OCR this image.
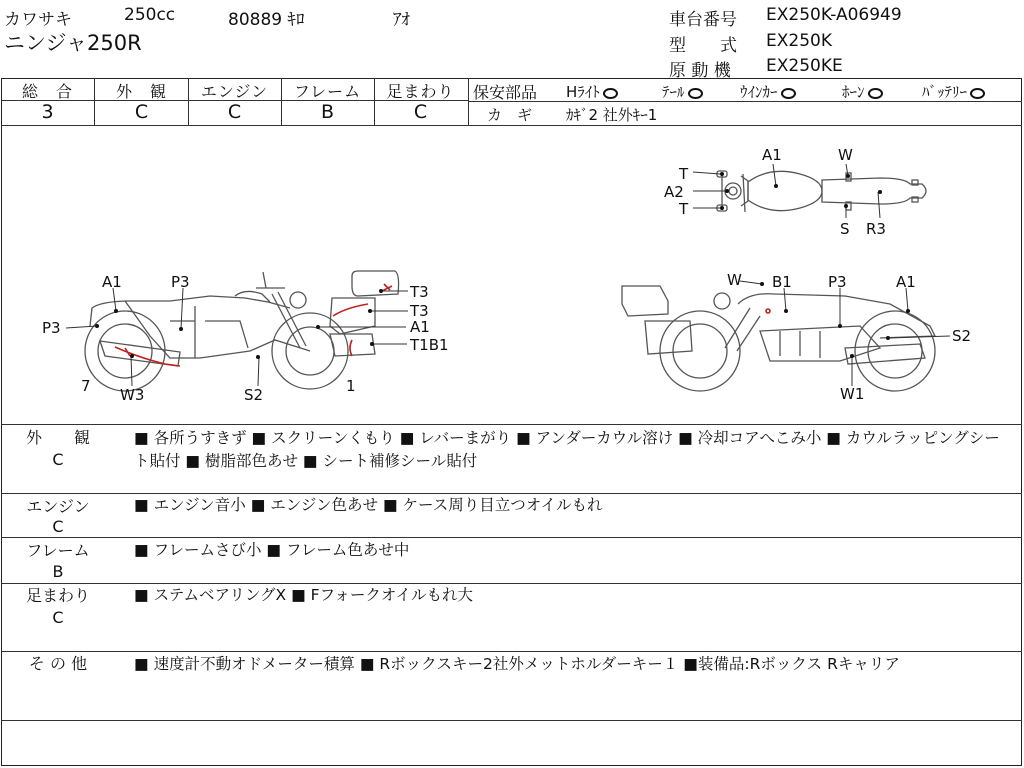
カワサキ	250cc	80889 ｷﾛ	ｱｵ
ニンジャ250R
車台番号 EX250K-A06949
型　　式 EX250K
原 動 機 EX250KE
総　合
3
外　観
C
エンジン
C
フレーム
B
足まわり
C
保安部品 Hﾗｲﾄ	ﾃｰﾙ	ｳｲﾝｶｰ	ﾎｰﾝ	ﾊﾞｯﾃﾘｰ
カ　ギ ｶｷﾞ2 社外ｷｰ1
T
A2
T
A1	W
S R3
A1	P3
P3
T3
T3
A1
T1B1
7 W3	S2	1
W B1 P3	A1
S2
W1
外　　観
C
■ 各所うすきず ■ スクリーンくもり ■ レバーまがり ■ アンダーカウル溶け ■ 冷却コアへこみ小 ■ カウルラッピングシート貼付 ■ 樹脂部色あせ ■ シート補修シール貼付
エンジン
C
■ エンジン音小 ■ エンジン色あせ ■ ケース周り目立つオイルもれ
フレーム
B
■ フレームさび小 ■ フレーム色あせ中
足まわり
C
■ ステムベアリングX ■ Fフォークオイルもれ大
そ の 他	■ 速度計不動オドメーター積算 ■ Rボックスキー2社外メットホルダーキー１ ■装備品:Rボックス Rキャリア
